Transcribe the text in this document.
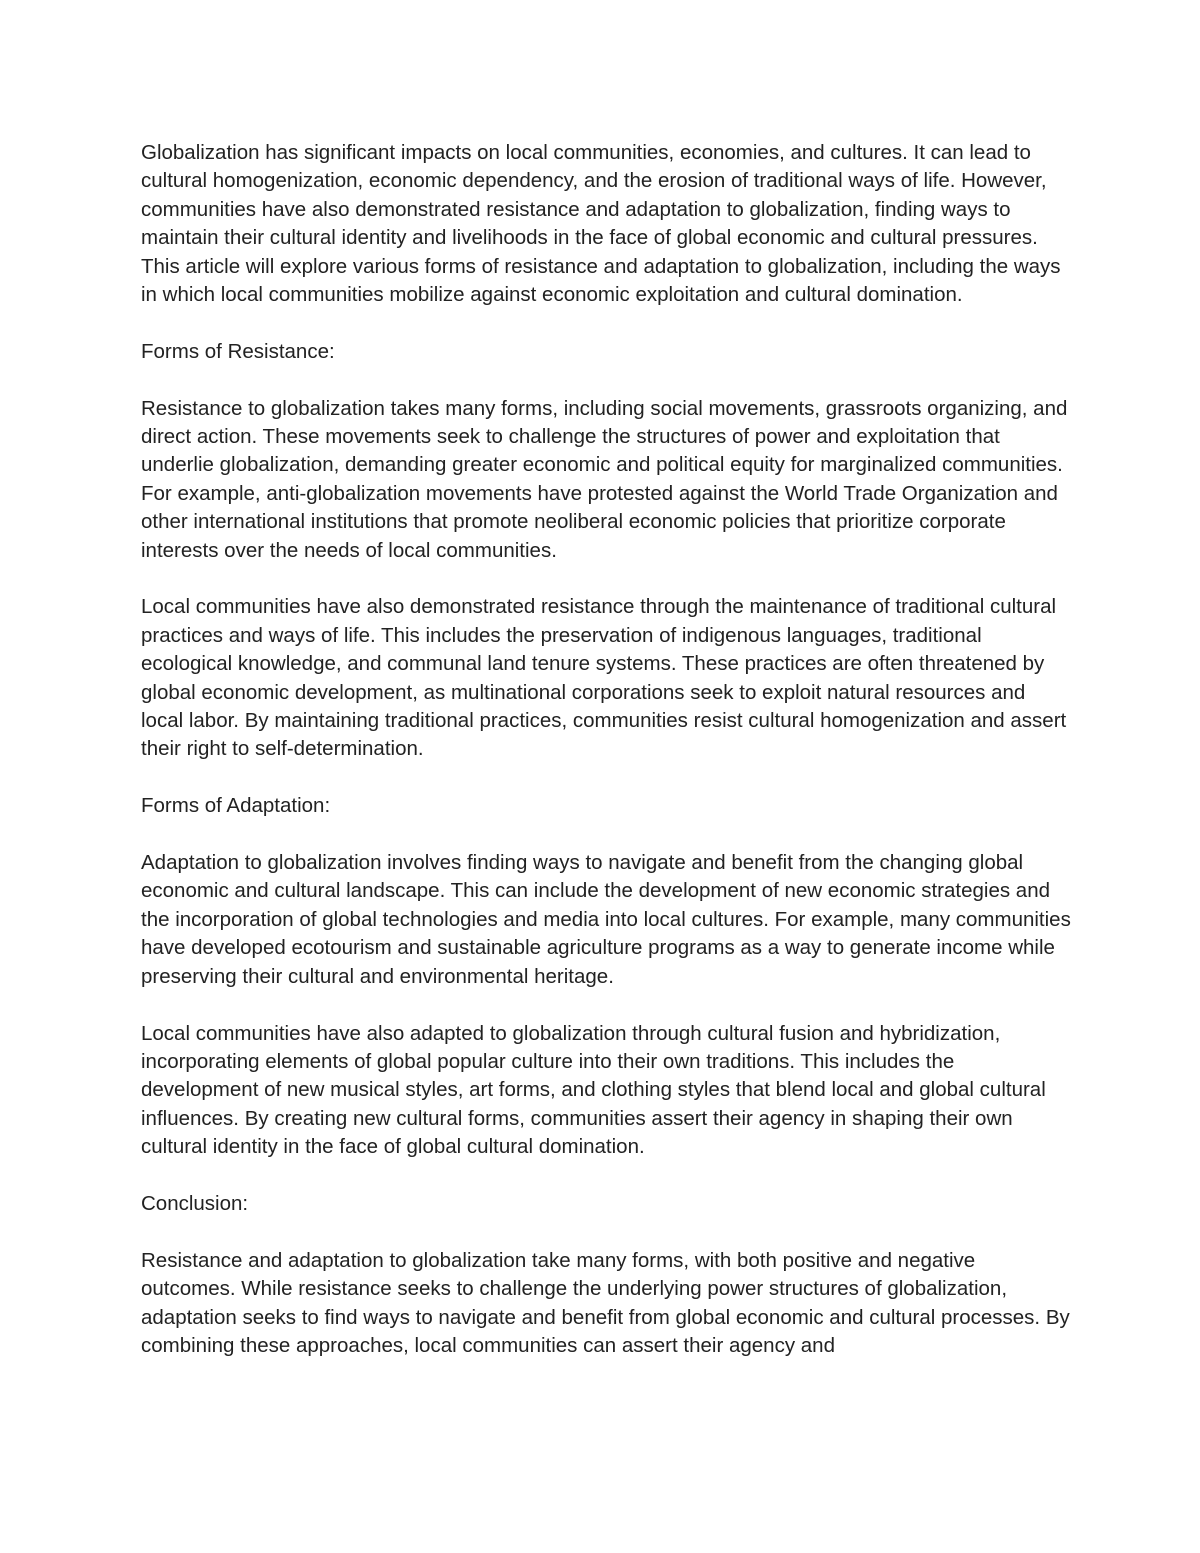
Globalization has significant impacts on local communities, economies, and cultures. It can lead to cultural homogenization, economic dependency, and the erosion of traditional ways of life. However, communities have also demonstrated resistance and adaptation to globalization, finding ways to maintain their cultural identity and livelihoods in the face of global economic and cultural pressures. This article will explore various forms of resistance and adaptation to globalization, including the ways in which local communities mobilize against economic exploitation and cultural domination.

Forms of Resistance:

Resistance to globalization takes many forms, including social movements, grassroots organizing, and direct action. These movements seek to challenge the structures of power and exploitation that underlie globalization, demanding greater economic and political equity for marginalized communities. For example, anti-globalization movements have protested against the World Trade Organization and other international institutions that promote neoliberal economic policies that prioritize corporate interests over the needs of local communities.

Local communities have also demonstrated resistance through the maintenance of traditional cultural practices and ways of life. This includes the preservation of indigenous languages, traditional ecological knowledge, and communal land tenure systems. These practices are often threatened by global economic development, as multinational corporations seek to exploit natural resources and local labor. By maintaining traditional practices, communities resist cultural homogenization and assert their right to self-determination.

Forms of Adaptation:

Adaptation to globalization involves finding ways to navigate and benefit from the changing global economic and cultural landscape. This can include the development of new economic strategies and the incorporation of global technologies and media into local cultures. For example, many communities have developed ecotourism and sustainable agriculture programs as a way to generate income while preserving their cultural and environmental heritage.

Local communities have also adapted to globalization through cultural fusion and hybridization, incorporating elements of global popular culture into their own traditions. This includes the development of new musical styles, art forms, and clothing styles that blend local and global cultural influences. By creating new cultural forms, communities assert their agency in shaping their own cultural identity in the face of global cultural domination.

Conclusion:

Resistance and adaptation to globalization take many forms, with both positive and negative outcomes. While resistance seeks to challenge the underlying power structures of globalization, adaptation seeks to find ways to navigate and benefit from global economic and cultural processes. By combining these approaches, local communities can assert their agency and
